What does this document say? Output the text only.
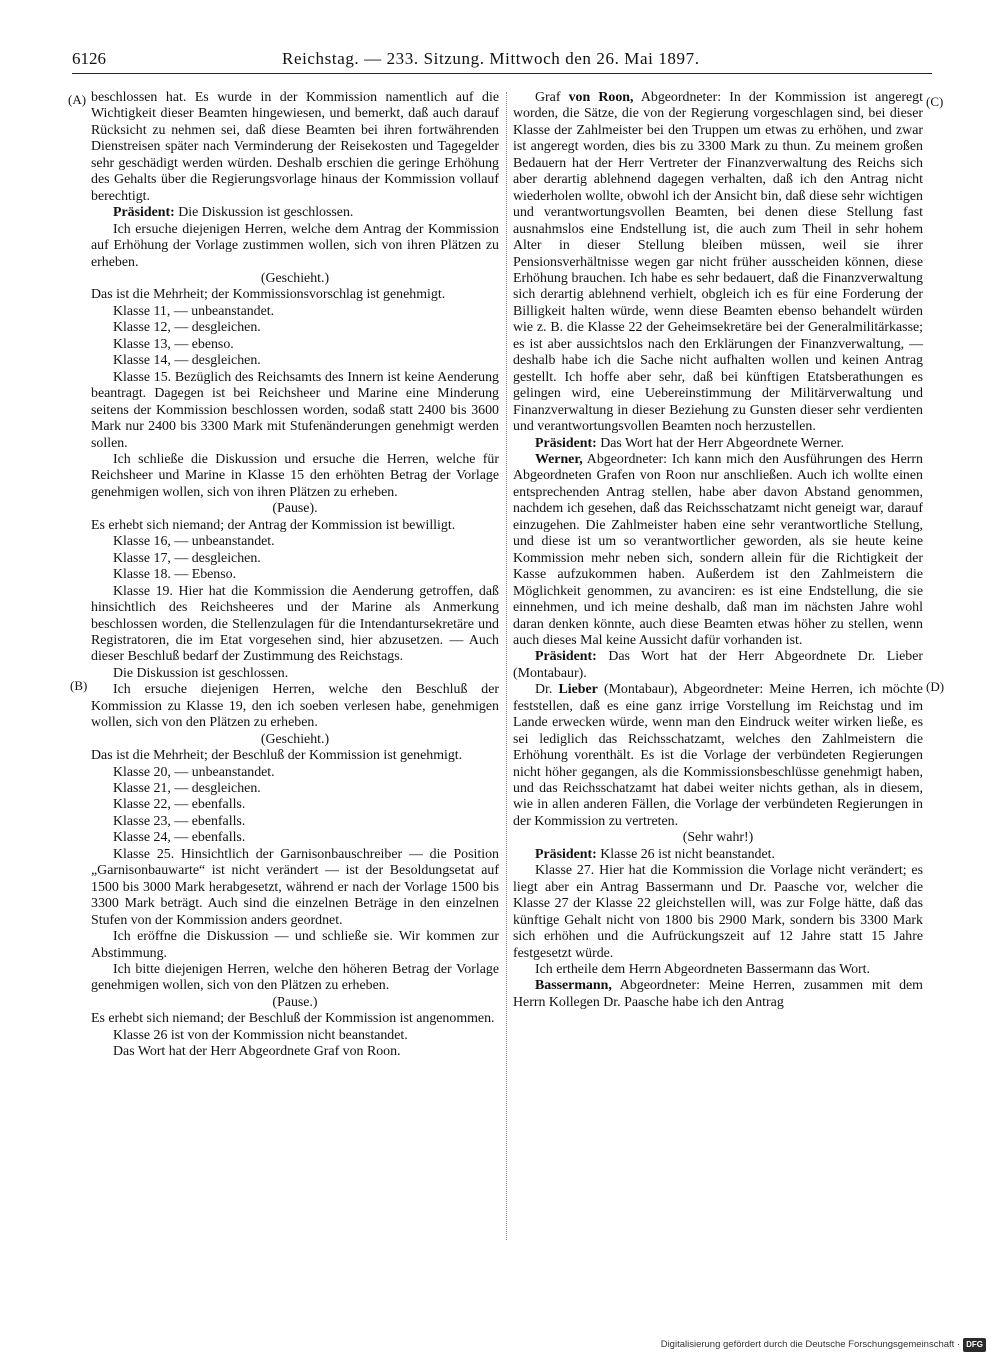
6126	Reichstag. — 233. Sitzung. Mittwoch den 26. Mai 1897.
(A)
(B)
(C)
(D)

beschlossen hat. Es wurde in der Kommission namentlich auf die Wichtigkeit dieser Beamten hingewiesen, und bemerkt, daß auch darauf Rücksicht zu nehmen sei, daß diese Beamten bei ihren fortwährenden Dienstreisen später nach Verminderung der Reisekosten und Tagegelder sehr geschädigt werden würden. Deshalb erschien die geringe Erhöhung des Gehalts über die Regierungsvorlage hinaus der Kommission vollauf berechtigt.

Präsident: Die Diskussion ist geschlossen.

Ich ersuche diejenigen Herren, welche dem Antrag der Kommission auf Erhöhung der Vorlage zustimmen wollen, sich von ihren Plätzen zu erheben.

(Geschieht.)

Das ist die Mehrheit; der Kommissionsvorschlag ist genehmigt.

Klasse 11, — unbeanstandet.

Klasse 12, — desgleichen.

Klasse 13, — ebenso.

Klasse 14, — desgleichen.

Klasse 15. Bezüglich des Reichsamts des Innern ist keine Aenderung beantragt. Dagegen ist bei Reichsheer und Marine eine Minderung seitens der Kommission beschlossen worden, sodaß statt 2400 bis 3600 Mark nur 2400 bis 3300 Mark mit Stufenänderungen genehmigt werden sollen.

Ich schließe die Diskussion und ersuche die Herren, welche für Reichsheer und Marine in Klasse 15 den erhöhten Betrag der Vorlage genehmigen wollen, sich von ihren Plätzen zu erheben.

(Pause).

Es erhebt sich niemand; der Antrag der Kommission ist bewilligt.

Klasse 16, — unbeanstandet.

Klasse 17, — desgleichen.

Klasse 18. — Ebenso.

Klasse 19. Hier hat die Kommission die Aenderung getroffen, daß hinsichtlich des Reichsheeres und der Marine als Anmerkung beschlossen worden, die Stellenzulagen für die Intendantursekretäre und Registratoren, die im Etat vorgesehen sind, hier abzusetzen. — Auch dieser Beschluß bedarf der Zustimmung des Reichstags.

Die Diskussion ist geschlossen.

Ich ersuche diejenigen Herren, welche den Beschluß der Kommission zu Klasse 19, den ich soeben verlesen habe, genehmigen wollen, sich von den Plätzen zu erheben.

(Geschieht.)

Das ist die Mehrheit; der Beschluß der Kommission ist genehmigt.

Klasse 20, — unbeanstandet.

Klasse 21, — desgleichen.

Klasse 22, — ebenfalls.

Klasse 23, — ebenfalls.

Klasse 24, — ebenfalls.

Klasse 25. Hinsichtlich der Garnisonbauschreiber — die Position „Garnisonbauwarte“ ist nicht verändert — ist der Besoldungsetat auf 1500 bis 3000 Mark herabgesetzt, während er nach der Vorlage 1500 bis 3300 Mark beträgt. Auch sind die einzelnen Beträge in den einzelnen Stufen von der Kommission anders geordnet.

Ich eröffne die Diskussion — und schließe sie. Wir kommen zur Abstimmung.

Ich bitte diejenigen Herren, welche den höheren Betrag der Vorlage genehmigen wollen, sich von den Plätzen zu erheben.

(Pause.)

Es erhebt sich niemand; der Beschluß der Kommission ist angenommen.

Klasse 26 ist von der Kommission nicht beanstandet.

Das Wort hat der Herr Abgeordnete Graf von Roon.

Graf von Roon, Abgeordneter: In der Kommission ist angeregt worden, die Sätze, die von der Regierung vorgeschlagen sind, bei dieser Klasse der Zahlmeister bei den Truppen um etwas zu erhöhen, und zwar ist angeregt worden, dies bis zu 3300 Mark zu thun. Zu meinem großen Bedauern hat der Herr Vertreter der Finanzverwaltung des Reichs sich aber derartig ablehnend dagegen verhalten, daß ich den Antrag nicht wiederholen wollte, obwohl ich der Ansicht bin, daß diese sehr wichtigen und verantwortungsvollen Beamten, bei denen diese Stellung fast ausnahmslos eine Endstellung ist, die auch zum Theil in sehr hohem Alter in dieser Stellung bleiben müssen, weil sie ihrer Pensionsverhältnisse wegen gar nicht früher ausscheiden können, diese Erhöhung brauchen. Ich habe es sehr bedauert, daß die Finanzverwaltung sich derartig ablehnend verhielt, obgleich ich es für eine Forderung der Billigkeit halten würde, wenn diese Beamten ebenso behandelt würden wie z. B. die Klasse 22 der Geheimsekretäre bei der Generalmilitärkasse; es ist aber aussichtslos nach den Erklärungen der Finanzverwaltung, — deshalb habe ich die Sache nicht aufhalten wollen und keinen Antrag gestellt. Ich hoffe aber sehr, daß bei künftigen Etatsberathungen es gelingen wird, eine Uebereinstimmung der Militärverwaltung und Finanzverwaltung in dieser Beziehung zu Gunsten dieser sehr verdienten und verantwortungsvollen Beamten noch herzustellen.

Präsident: Das Wort hat der Herr Abgeordnete Werner.

Werner, Abgeordneter: Ich kann mich den Ausführungen des Herrn Abgeordneten Grafen von Roon nur anschließen. Auch ich wollte einen entsprechenden Antrag stellen, habe aber davon Abstand genommen, nachdem ich gesehen, daß das Reichsschatzamt nicht geneigt war, darauf einzugehen. Die Zahlmeister haben eine sehr verantwortliche Stellung, und diese ist um so verantwortlicher geworden, als sie heute keine Kommission mehr neben sich, sondern allein für die Richtigkeit der Kasse aufzukommen haben. Außerdem ist den Zahlmeistern die Möglichkeit genommen, zu avanciren: es ist eine Endstellung, die sie einnehmen, und ich meine deshalb, daß man im nächsten Jahre wohl daran denken könnte, auch diese Beamten etwas höher zu stellen, wenn auch dieses Mal keine Aussicht dafür vorhanden ist.

Präsident: Das Wort hat der Herr Abgeordnete Dr. Lieber (Montabaur).

Dr. Lieber (Montabaur), Abgeordneter: Meine Herren, ich möchte feststellen, daß es eine ganz irrige Vorstellung im Reichstag und im Lande erwecken würde, wenn man den Eindruck weiter wirken ließe, es sei lediglich das Reichsschatzamt, welches den Zahlmeistern die Erhöhung vorenthält. Es ist die Vorlage der verbündeten Regierungen nicht höher gegangen, als die Kommissionsbeschlüsse genehmigt haben, und das Reichsschatzamt hat dabei weiter nichts gethan, als in diesem, wie in allen anderen Fällen, die Vorlage der verbündeten Regierungen in der Kommission zu vertreten.

(Sehr wahr!)

Präsident: Klasse 26 ist nicht beanstandet.

Klasse 27. Hier hat die Kommission die Vorlage nicht verändert; es liegt aber ein Antrag Bassermann und Dr. Paasche vor, welcher die Klasse 27 der Klasse 22 gleichstellen will, was zur Folge hätte, daß das künftige Gehalt nicht von 1800 bis 2900 Mark, sondern bis 3300 Mark sich erhöhen und die Aufrückungszeit auf 12 Jahre statt 15 Jahre festgesetzt würde.

Ich ertheile dem Herrn Abgeordneten Bassermann das Wort.

Bassermann, Abgeordneter: Meine Herren, zusammen mit dem Herrn Kollegen Dr. Paasche habe ich den Antrag

Digitalisierung gefördert durch die Deutsche Forschungsgemeinschaft · DFG
